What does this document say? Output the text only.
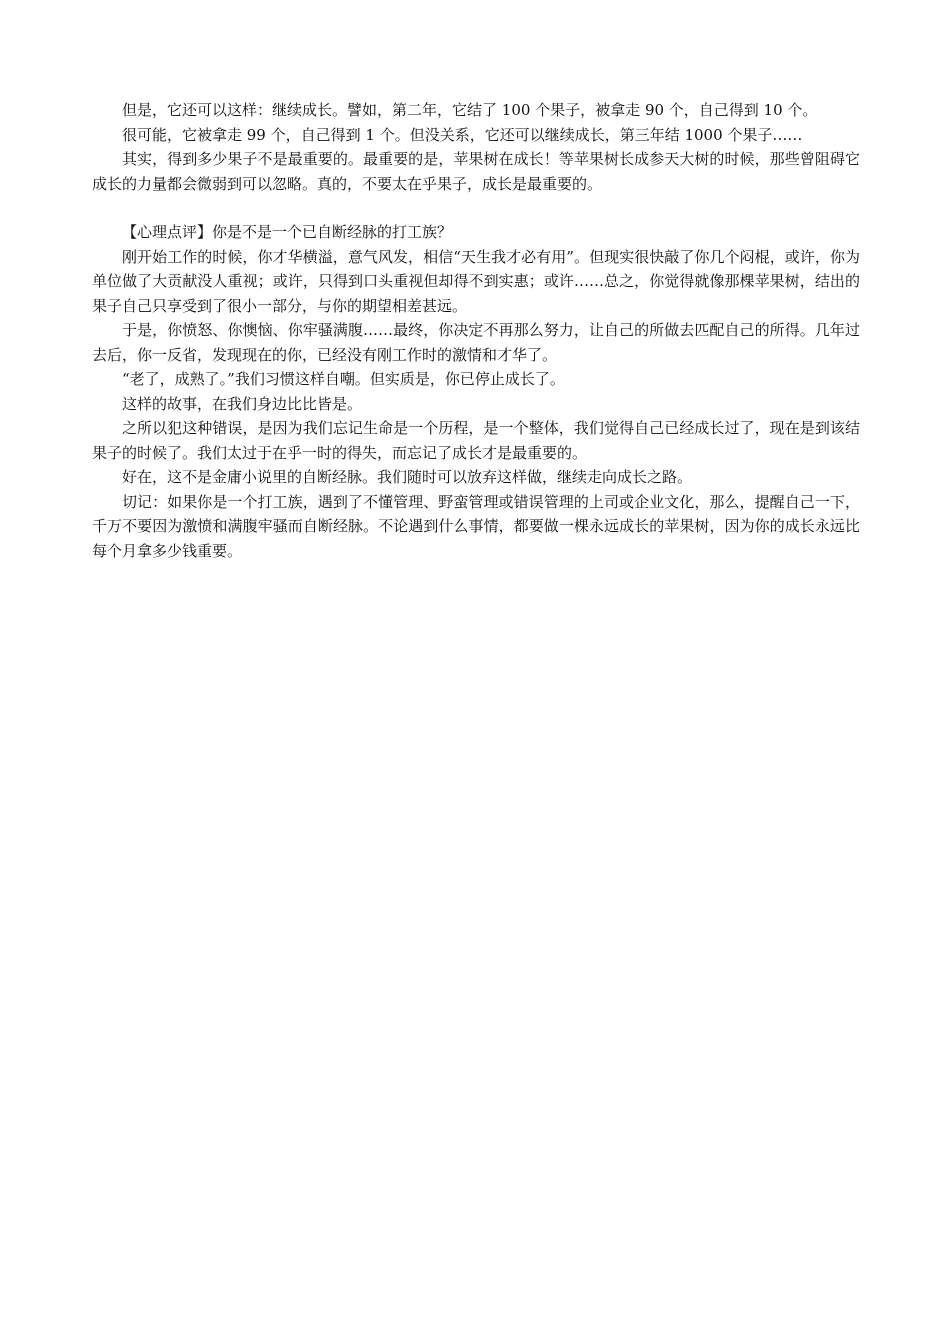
但是，它还可以这样：继续成长。譬如，第二年，它结了 100 个果子，被拿走 90 个，自己得到 10 个。

很可能，它被拿走 99 个，自己得到 1 个。但没关系，它还可以继续成长，第三年结 1000 个果子……

其实，得到多少果子不是最重要的。最重要的是，苹果树在成长！等苹果树长成参天大树的时候，那些曾阻碍它成长的力量都会微弱到可以忽略。真的，不要太在乎果子，成长是最重要的。

【心理点评】你是不是一个已自断经脉的打工族？

刚开始工作的时候，你才华横溢，意气风发，相信“天生我才必有用”。但现实很快敲了你几个闷棍，或许，你为单位做了大贡献没人重视；或许，只得到口头重视但却得不到实惠；或许……总之，你觉得就像那棵苹果树，结出的果子自己只享受到了很小一部分，与你的期望相差甚远。

于是，你愤怒、你懊恼、你牢骚满腹……最终，你决定不再那么努力，让自己的所做去匹配自己的所得。几年过去后，你一反省，发现现在的你，已经没有刚工作时的激情和才华了。

“老了，成熟了。”我们习惯这样自嘲。但实质是，你已停止成长了。

这样的故事，在我们身边比比皆是。

之所以犯这种错误，是因为我们忘记生命是一个历程，是一个整体，我们觉得自己已经成长过了，现在是到该结果子的时候了。我们太过于在乎一时的得失，而忘记了成长才是最重要的。

好在，这不是金庸小说里的自断经脉。我们随时可以放弃这样做，继续走向成长之路。

切记：如果你是一个打工族，遇到了不懂管理、野蛮管理或错误管理的上司或企业文化，那么，提醒自己一下，千万不要因为激愤和满腹牢骚而自断经脉。不论遇到什么事情，都要做一棵永远成长的苹果树，因为你的成长永远比每个月拿多少钱重要。
